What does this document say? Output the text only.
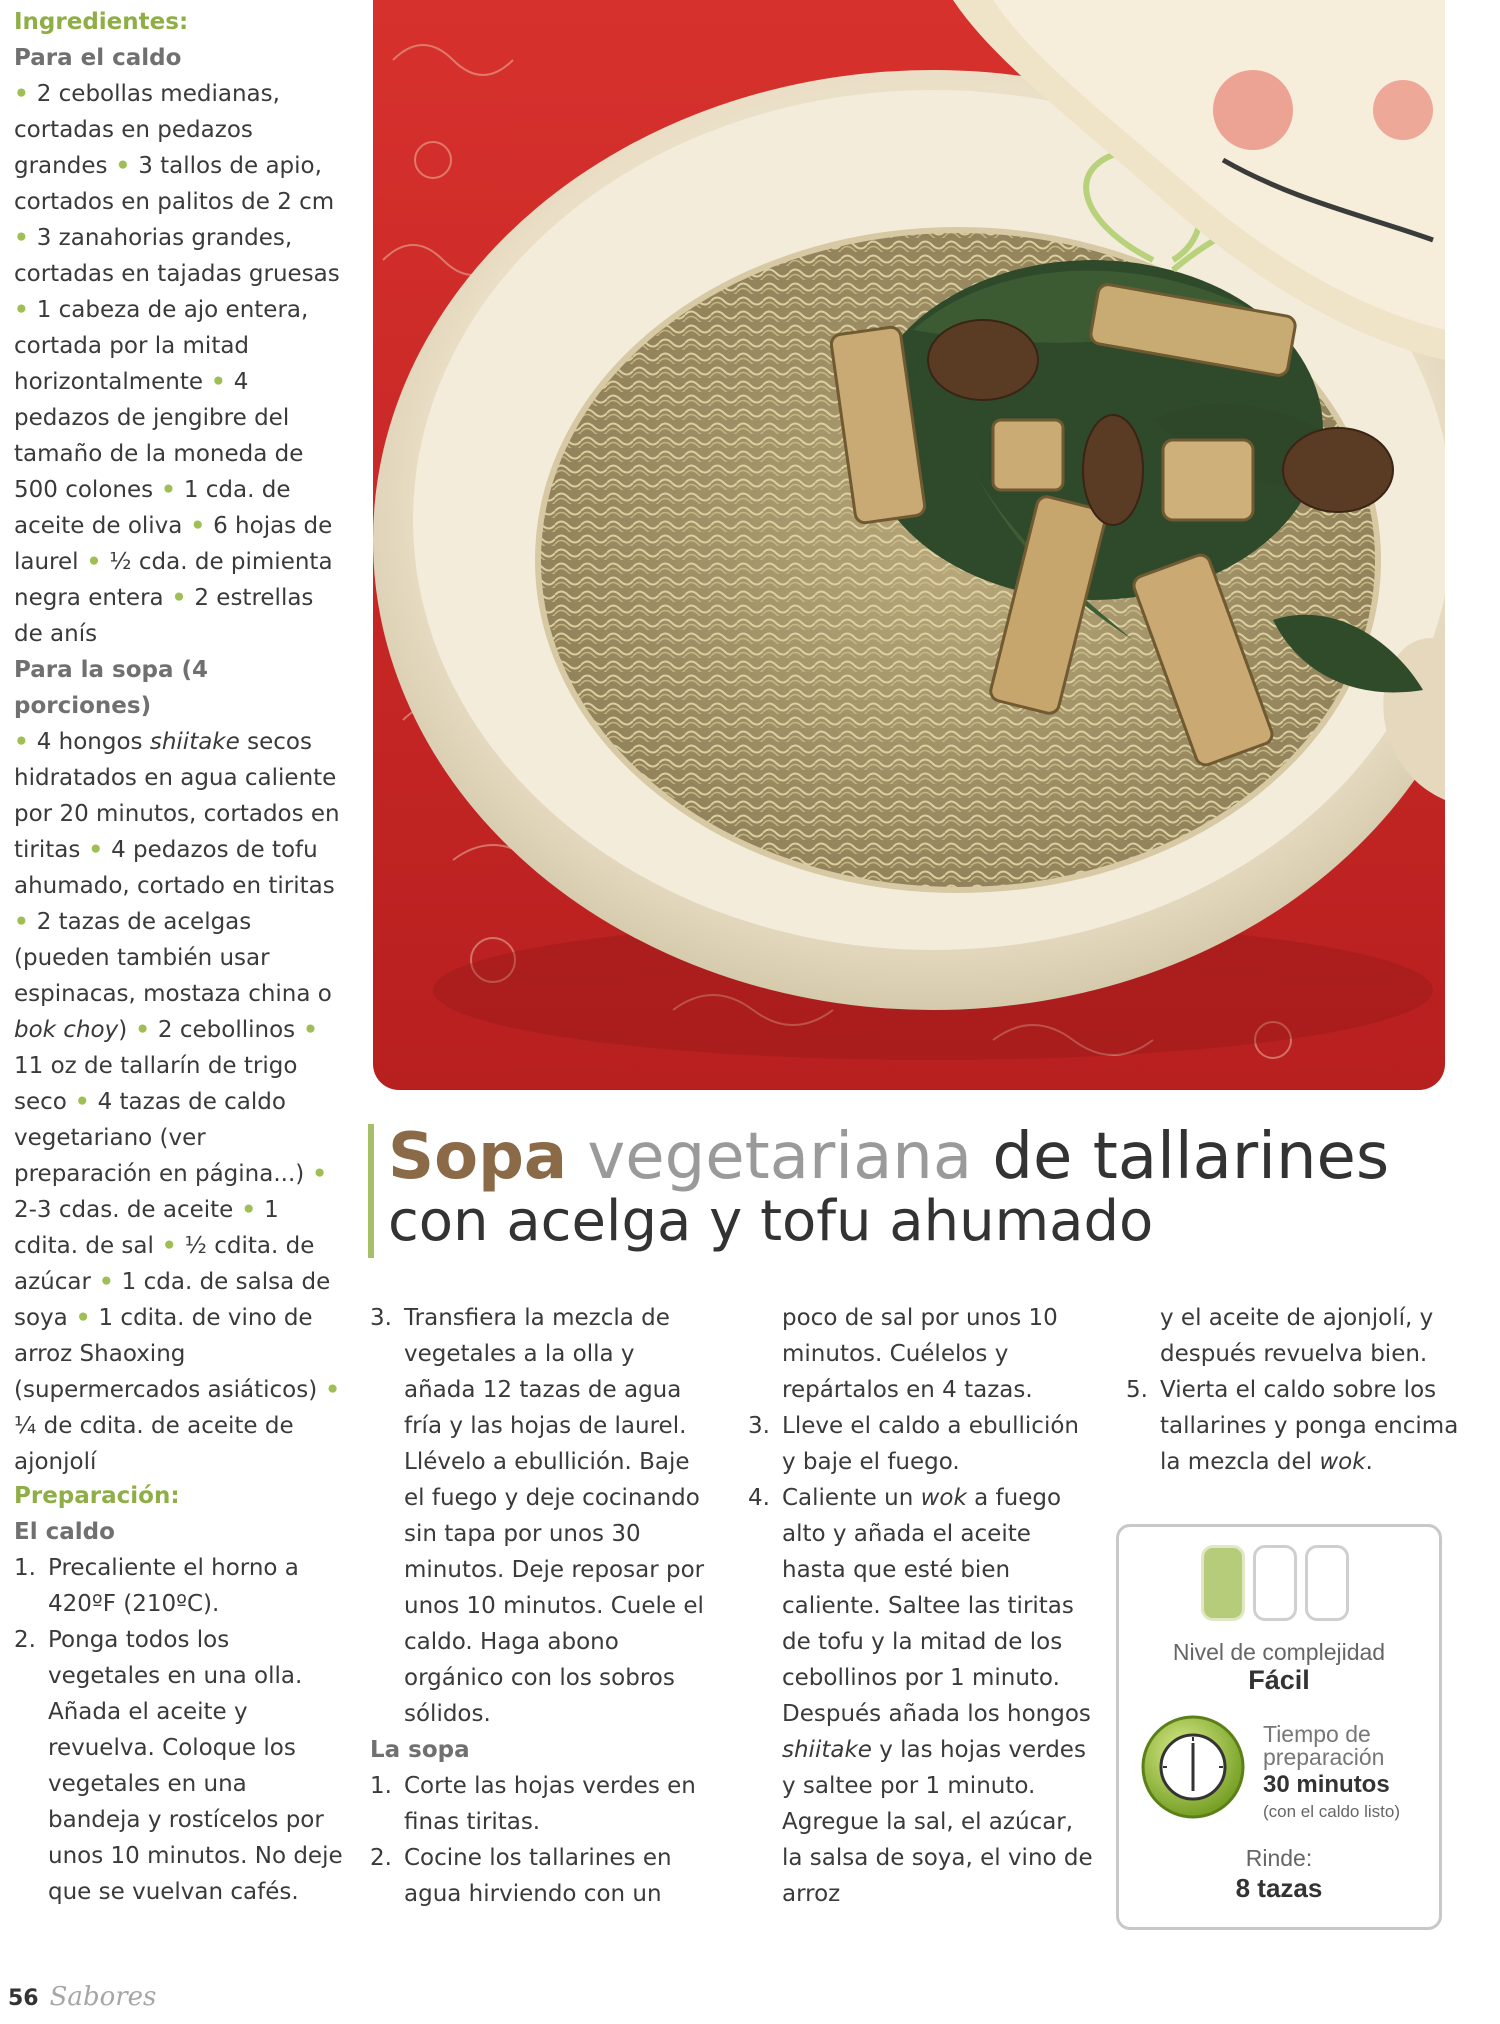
Ingredientes:

Para el caldo

• 2 cebollas medianas, cortadas en pedazos grandes • 3 tallos de apio, cortados en palitos de 2 cm • 3 zanahorias grandes, cortadas en tajadas gruesas • 1 cabeza de ajo entera, cortada por la mitad horizontalmente • 4 pedazos de jengibre del tamaño de la moneda de 500 colones • 1 cda. de aceite de oliva • 6 hojas de laurel • ½ cda. de pimienta negra entera • 2 estrellas de anís

Para la sopa (4 porciones)

• 4 hongos shiitake secos hidratados en agua caliente por 20 minutos, cortados en tiritas • 4 pedazos de tofu ahumado, cortado en tiritas • 2 tazas de acelgas (pueden también usar espinacas, mostaza china o bok choy) • 2 cebollinos • 11 oz de tallarín de trigo seco • 4 tazas de caldo vegetariano (ver preparación en página...) • 2-3 cdas. de aceite • 1 cdita. de sal • ½ cdita. de azúcar • 1 cda. de salsa de soya • 1 cdita. de vino de arroz Shaoxing (supermercados asiáticos) • ¼ de cdita. de aceite de ajonjolí

Preparación:
El caldo
1. Precaliente el horno a 420ºF (210ºC).
2. Ponga todos los vegetales en una olla. Añada el aceite y revuelva. Coloque los vegetales en una bandeja y rostícelos por unos 10 minutos. No deje que se vuelvan cafés.
Sopa vegetariana de tallarines
con acelga y tofu ahumado
3. Transfiera la mezcla de vegetales a la olla y añada 12 tazas de agua fría y las hojas de laurel. Llévelo a ebullición. Baje el fuego y deje cocinando sin tapa por unos 30 minutos. Deje reposar por unos 10 minutos. Cuele el caldo. Haga abono orgánico con los sobros sólidos.
La sopa
1. Corte las hojas verdes en finas tiritas.
2. Cocine los tallarines en agua hirviendo con un
poco de sal por unos 10 minutos. Cuélelos y repártalos en 4 tazas.
3. Lleve el caldo a ebullición y baje el fuego.
4. Caliente un wok a fuego alto y añada el aceite hasta que esté bien caliente. Saltee las tiritas de tofu y la mitad de los cebollinos por 1 minuto. Después añada los hongos shiitake y las hojas verdes y saltee por 1 minuto. Agregue la sal, el azúcar, la salsa de soya, el vino de arroz
y el aceite de ajonjolí, y después revuelva bien.
5. Vierta el caldo sobre los tallarines y ponga encima la mezcla del wok.
Nivel de complejidad
Fácil
Tiempo de
preparación
30 minutos
(con el caldo listo)
Rinde:
8 tazas
56 Sabores
